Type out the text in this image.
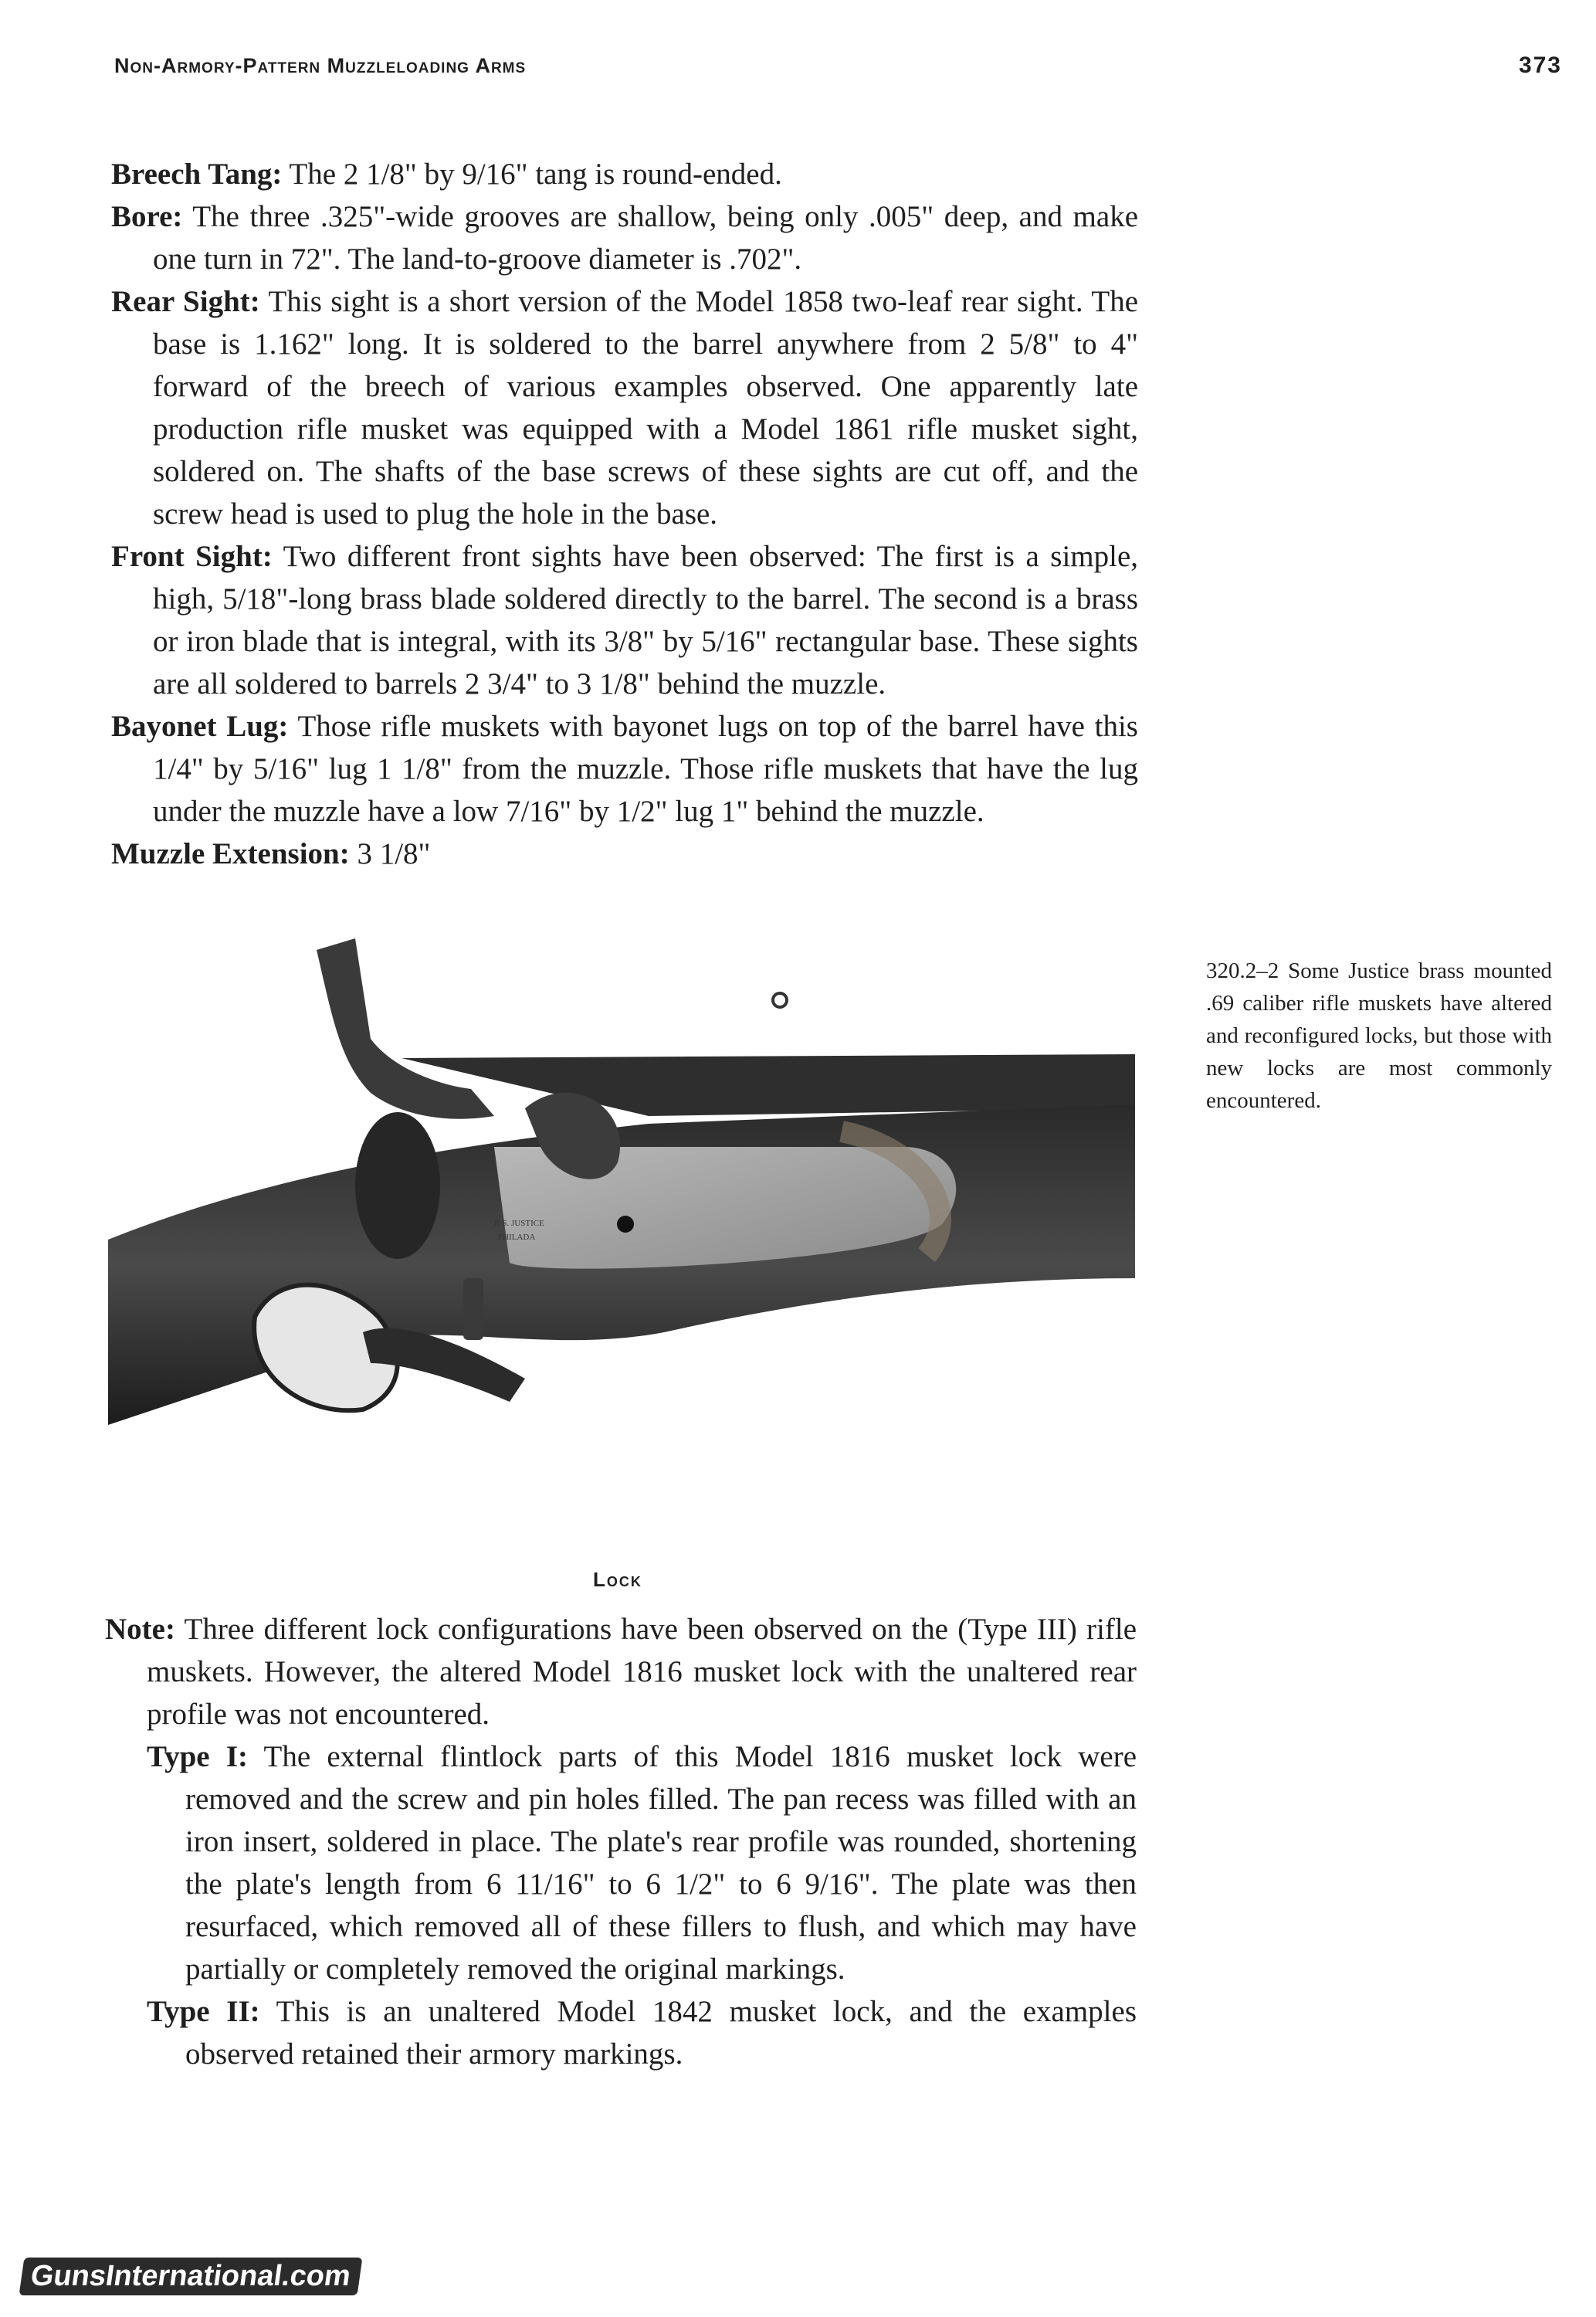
Non-Armory-Pattern Muzzleloading Arms	373

Breech Tang: The 2 1/8" by 9/16" tang is round-ended.

Bore: The three .325"-wide grooves are shallow, being only .005" deep, and make one turn in 72". The land-to-groove diameter is .702".

Rear Sight: This sight is a short version of the Model 1858 two-leaf rear sight. The base is 1.162" long. It is soldered to the barrel anywhere from 2 5/8" to 4" forward of the breech of various examples observed. One apparently late production rifle musket was equipped with a Model 1861 rifle musket sight, soldered on. The shafts of the base screws of these sights are cut off, and the screw head is used to plug the hole in the base.

Front Sight: Two different front sights have been observed: The first is a simple, high, 5/18"-long brass blade soldered directly to the barrel. The second is a brass or iron blade that is integral, with its 3/8" by 5/16" rectangular base. These sights are all soldered to barrels 2 3/4" to 3 1/8" behind the muzzle.

Bayonet Lug: Those rifle muskets with bayonet lugs on top of the barrel have this 1/4" by 5/16" lug 1 1/8" from the muzzle. Those rifle muskets that have the lug under the muzzle have a low 7/16" by 1/2" lug 1" behind the muzzle.

Muzzle Extension: 3 1/8"

P. S. JUSTICE
PHILADA
320.2–2 Some Justice brass mounted .69 caliber rifle muskets have altered and reconfigured locks, but those with new locks are most commonly encountered.
Lock

Note: Three different lock configurations have been observed on the (Type III) rifle muskets. However, the altered Model 1816 musket lock with the unaltered rear profile was not encountered.

Type I: The external flintlock parts of this Model 1816 musket lock were removed and the screw and pin holes filled. The pan recess was filled with an iron insert, soldered in place. The plate's rear profile was rounded, shortening the plate's length from 6 11/16" to 6 1/2" to 6 9/16". The plate was then resurfaced, which removed all of these fillers to flush, and which may have partially or completely removed the original markings.

Type II: This is an unaltered Model 1842 musket lock, and the examples observed retained their armory markings.

GunsInternational.com
